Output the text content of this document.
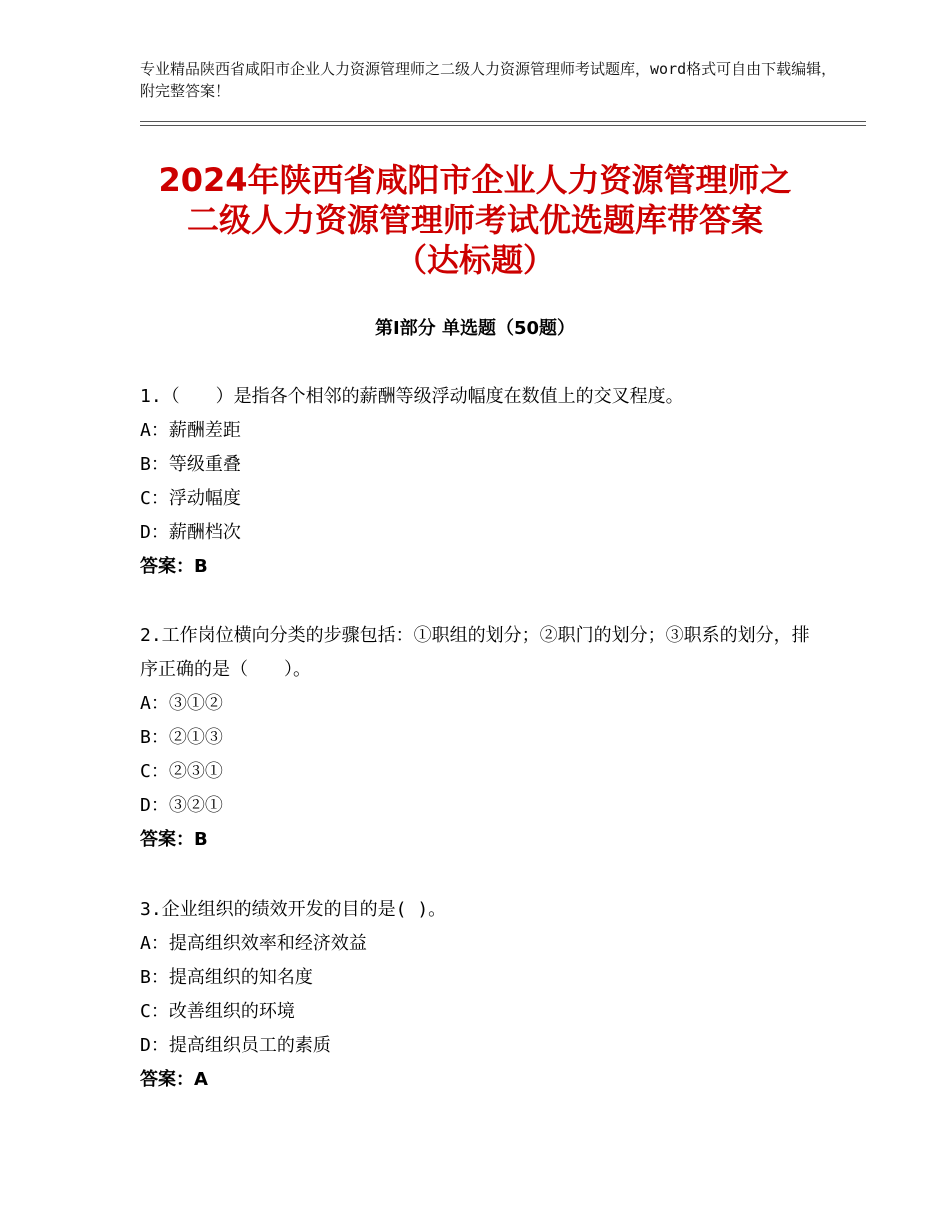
专业精品陕西省咸阳市企业人力资源管理师之二级人力资源管理师考试题库，word格式可自由下载编辑，附完整答案！
2024年陕西省咸阳市企业人力资源管理师之
二级人力资源管理师考试优选题库带答案
（达标题）
第Ⅰ部分 单选题（50题）
1.（　　）是指各个相邻的薪酬等级浮动幅度在数值上的交叉程度。
A：薪酬差距
B：等级重叠
C：浮动幅度
D：薪酬档次
答案：B
2.工作岗位横向分类的步骤包括：①职组的划分；②职门的划分；③职系的划分，排序正确的是（　　）。
A：③①②
B：②①③
C：②③①
D：③②①
答案：B
3.企业组织的绩效开发的目的是( )。
A：提高组织效率和经济效益
B：提高组织的知名度
C：改善组织的环境
D：提高组织员工的素质
答案：A
